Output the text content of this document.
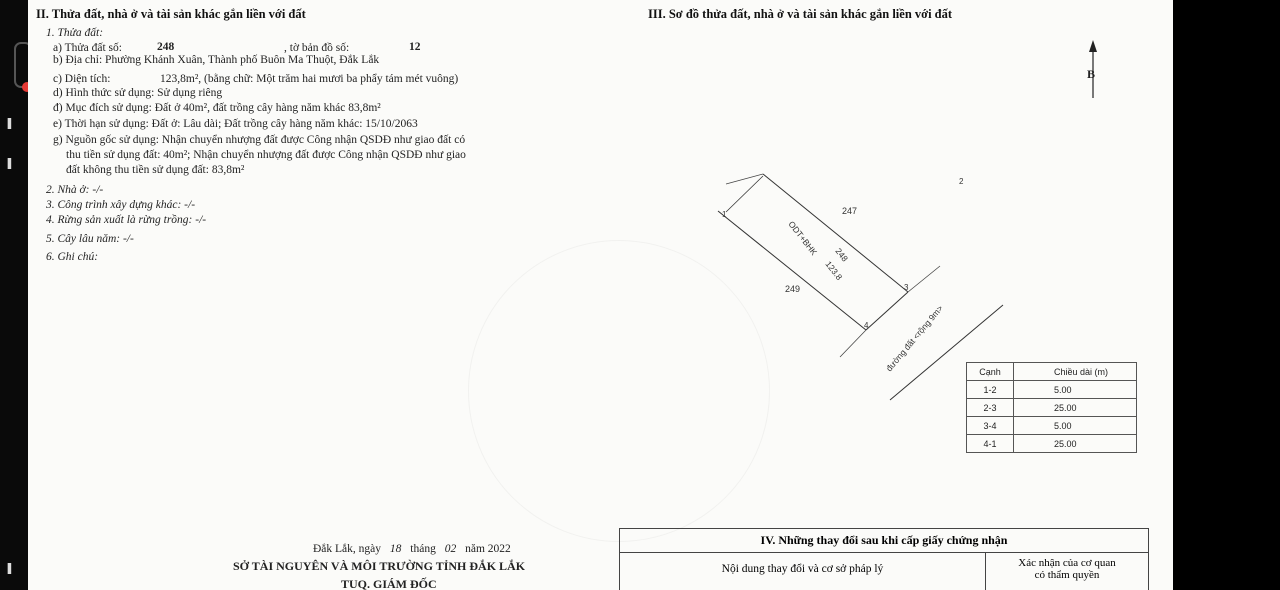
ı
ı
ı
II. Thửa đất, nhà ở và tài sản khác gắn liền với đất
1. Thửa đất:
a) Thửa đất số:	248	, tờ bản đồ số:	12
b) Địa chỉ: Phường Khánh Xuân, Thành phố Buôn Ma Thuột, Đắk Lắk
c) Diện tích:	123,8m², (bằng chữ: Một trăm hai mươi ba phẩy tám mét vuông)
d) Hình thức sử dụng: Sử dụng riêng
đ) Mục đích sử dụng: Đất ở 40m², đất trồng cây hàng năm khác 83,8m²
e) Thời hạn sử dụng: Đất ở: Lâu dài; Đất trồng cây hàng năm khác: 15/10/2063
g) Nguồn gốc sử dụng: Nhận chuyển nhượng đất được Công nhận QSDĐ như giao đất có
thu tiền sử dụng đất: 40m²; Nhận chuyển nhượng đất được Công nhận QSDĐ như giao
đất không thu tiền sử dụng đất: 83,8m²
2. Nhà ở: -/-
3. Công trình xây dựng khác: -/-
4. Rừng sản xuất là rừng trồng: -/-
5. Cây lâu năm: -/-
6. Ghi chú:
III. Sơ đồ thửa đất, nhà ở và tài sản khác gắn liền với đất
2
1
3
4
247
249
ODT+BHK 248
123.8
đường đất <rộng 9m>
B
Cạnh	Chiều dài (m)
1-2	5.00
2-3	25.00
3-4	5.00
4-1	25.00
Đắk Lắk, ngày 18 tháng 02 năm 2022
SỞ TÀI NGUYÊN VÀ MÔI TRƯỜNG TỈNH ĐẮK LẮK
TUQ. GIÁM ĐỐC
IV. Những thay đổi sau khi cấp giấy chứng nhận
Nội dung thay đổi và cơ sở pháp lý	Xác nhận của cơ quan
có thẩm quyền
